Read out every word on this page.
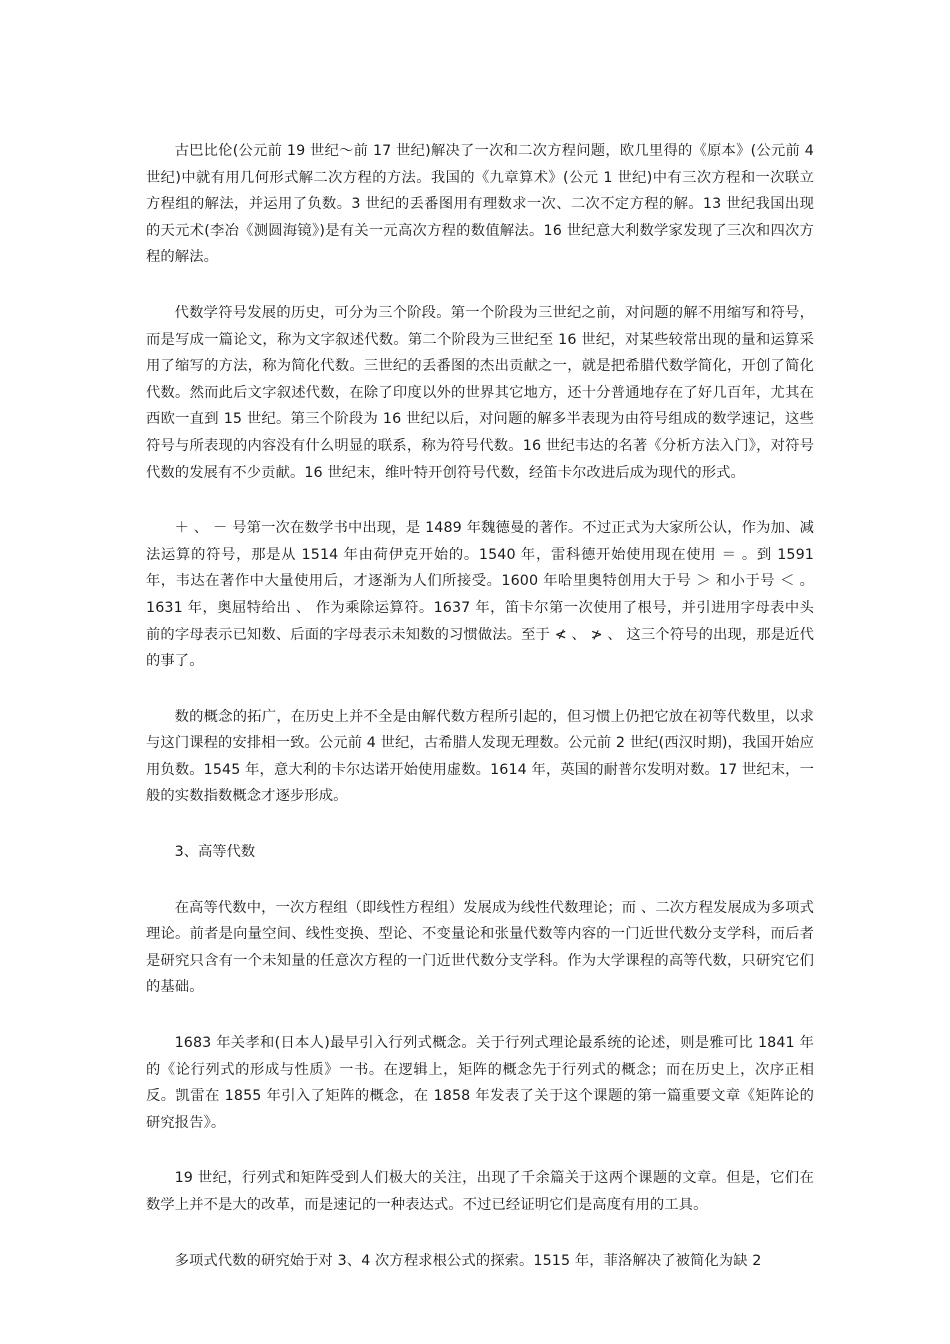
古巴比伦(公元前 19 世纪～前 17 世纪)解决了一次和二次方程问题，欧几里得的《原本》(公元前 4 世纪)中就有用几何形式解二次方程的方法。我国的《九章算术》(公元 1 世纪)中有三次方程和一次联立方程组的解法，并运用了负数。3 世纪的丢番图用有理数求一次、二次不定方程的解。13 世纪我国出现的天元术(李冶《测圆海镜》)是有关一元高次方程的数值解法。16 世纪意大利数学家发现了三次和四次方程的解法。

代数学符号发展的历史，可分为三个阶段。第一个阶段为三世纪之前，对问题的解不用缩写和符号，而是写成一篇论文，称为文字叙述代数。第二个阶段为三世纪至 16 世纪，对某些较常出现的量和运算采用了缩写的方法，称为简化代数。三世纪的丢番图的杰出贡献之一，就是把希腊代数学简化，开创了简化代数。然而此后文字叙述代数，在除了印度以外的世界其它地方，还十分普通地存在了好几百年，尤其在西欧一直到 15 世纪。第三个阶段为 16 世纪以后，对问题的解多半表现为由符号组成的数学速记，这些符号与所表现的内容没有什么明显的联系，称为符号代数。16 世纪韦达的名著《分析方法入门》，对符号代数的发展有不少贡献。16 世纪末，维叶特开创符号代数，经笛卡尔改进后成为现代的形式。

＋ 、 － 号第一次在数学书中出现，是 1489 年魏德曼的著作。不过正式为大家所公认，作为加、减法运算的符号，那是从 1514 年由荷伊克开始的。1540 年，雷科德开始使用现在使用 ＝ 。到 1591 年，韦达在著作中大量使用后，才逐渐为人们所接受。1600 年哈里奥特创用大于号 ＞ 和小于号 ＜ 。1631 年，奥屈特给出 、 作为乘除运算符。1637 年，笛卡尔第一次使用了根号，并引进用字母表中头前的字母表示已知数、后面的字母表示未知数的习惯做法。至于 ≮ 、 ≯ 、 这三个符号的出现，那是近代的事了。

数的概念的拓广，在历史上并不全是由解代数方程所引起的，但习惯上仍把它放在初等代数里，以求与这门课程的安排相一致。公元前 4 世纪，古希腊人发现无理数。公元前 2 世纪(西汉时期)，我国开始应用负数。1545 年，意大利的卡尔达诺开始使用虚数。1614 年，英国的耐普尔发明对数。17 世纪末，一般的实数指数概念才逐步形成。

3、高等代数

在高等代数中，一次方程组（即线性方程组）发展成为线性代数理论；而 、二次方程发展成为多项式理论。前者是向量空间、线性变换、型论、不变量论和张量代数等内容的一门近世代数分支学科，而后者是研究只含有一个未知量的任意次方程的一门近世代数分支学科。作为大学课程的高等代数，只研究它们的基础。

1683 年关孝和(日本人)最早引入行列式概念。关于行列式理论最系统的论述，则是雅可比 1841 年的《论行列式的形成与性质》一书。在逻辑上，矩阵的概念先于行列式的概念；而在历史上，次序正相反。凯雷在 1855 年引入了矩阵的概念，在 1858 年发表了关于这个课题的第一篇重要文章《矩阵论的研究报告》。

19 世纪，行列式和矩阵受到人们极大的关注，出现了千余篇关于这两个课题的文章。但是，它们在数学上并不是大的改革，而是速记的一种表达式。不过已经证明它们是高度有用的工具。

多项式代数的研究始于对 3、4 次方程求根公式的探索。1515 年，菲洛解决了被简化为缺 2
